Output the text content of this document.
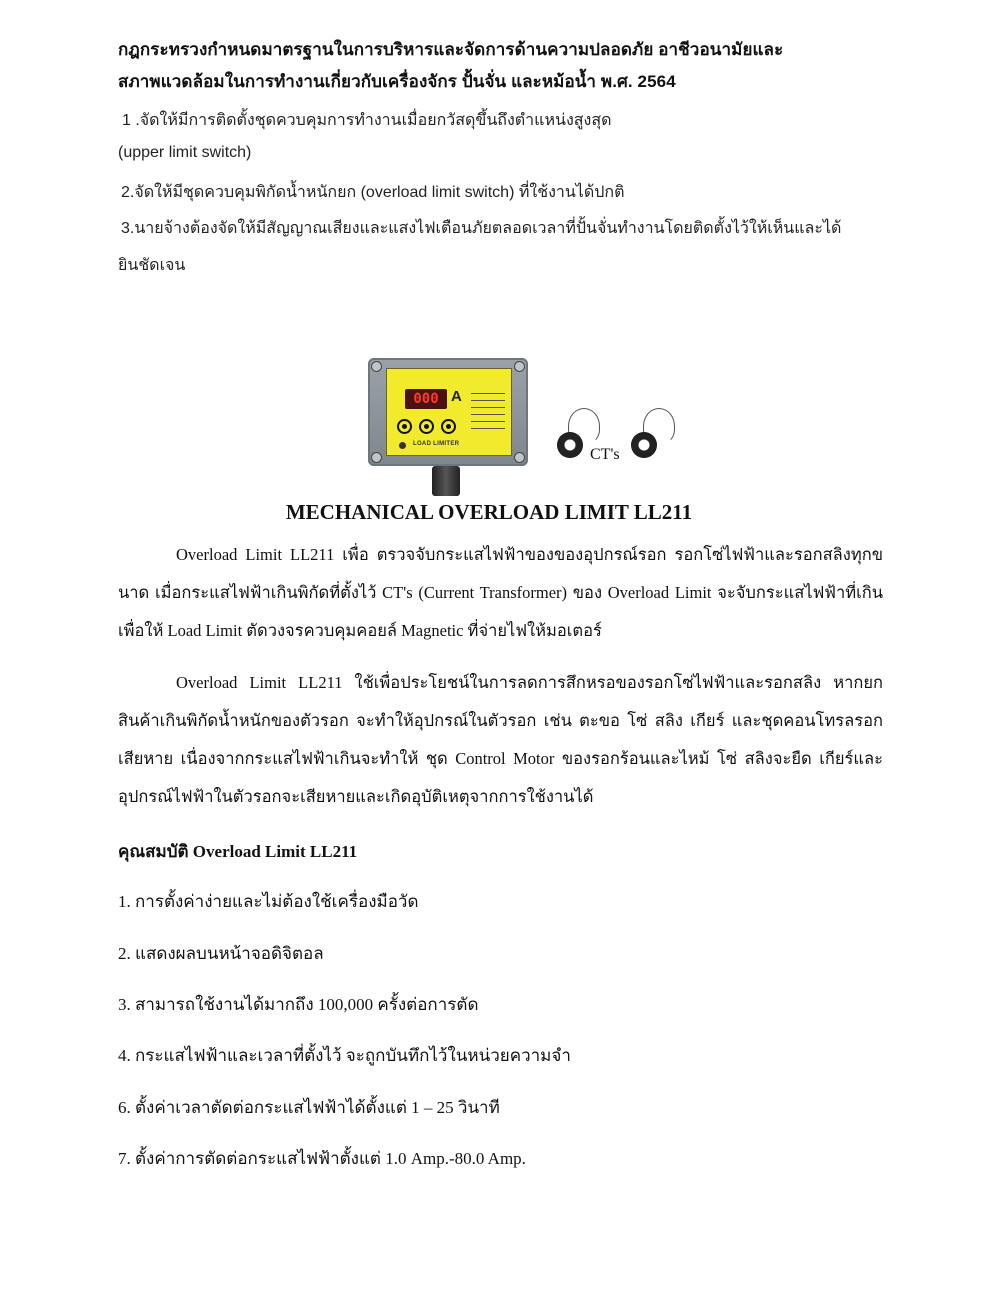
กฎกระทรวงกำหนดมาตรฐานในการบริหารและจัดการด้านความปลอดภัย อาชีวอนามัยและ
สภาพแวดล้อมในการทำงานเกี่ยวกับเครื่องจักร ปั้นจั่น และหม้อน้ำ พ.ศ. 2564
1 .จัดให้มีการติดตั้งชุดควบคุมการทำงานเมื่อยกวัสดุขึ้นถึงตำแหน่งสูงสุด
(upper limit switch)
2.จัดให้มีชุดควบคุมพิกัดน้ำหนักยก (overload limit switch) ที่ใช้งานได้ปกติ
3.นายจ้างต้องจัดให้มีสัญญาณเสียงและแสงไฟเตือนภัยตลอดเวลาที่ปั้นจั่นทำงานโดยติดตั้งไว้ให้เห็นและได้
ยินชัดเจน
000 A
LOAD LIMITER
CT's
MECHANICAL OVERLOAD LIMIT LL211
Overload Limit LL211 เพื่อ ตรวจจับกระแสไฟฟ้าของของอุปกรณ์รอก รอกโซ่ไฟฟ้าและรอกสลิงทุกขนาด เมื่อกระแสไฟฟ้าเกินพิกัดที่ตั้งไว้ CT's (Current Transformer) ของ Overload Limit จะจับกระแสไฟฟ้าที่เกินเพื่อให้ Load Limit ตัดวงจรควบคุมคอยล์ Magnetic ที่จ่ายไฟให้มอเตอร์
Overload Limit LL211 ใช้เพื่อประโยชน์ในการลดการสึกหรอของรอกโซ่ไฟฟ้าและรอกสลิง หากยกสินค้าเกินพิกัดน้ำหนักของตัวรอก จะทำให้อุปกรณ์ในตัวรอก เช่น ตะขอ โซ่ สลิง เกียร์ และชุดคอนโทรลรอกเสียหาย เนื่องจากกระแสไฟฟ้าเกินจะทำให้ ชุด Control Motor ของรอกร้อนและไหม้ โซ่ สลิงจะยืด เกียร์และอุปกรณ์ไฟฟ้าในตัวรอกจะเสียหายและเกิดอุบัติเหตุจากการใช้งานได้
คุณสมบัติ Overload Limit LL211
1. การตั้งค่าง่ายและไม่ต้องใช้เครื่องมือวัด
2. แสดงผลบนหน้าจอดิจิตอล
3. สามารถใช้งานได้มากถึง 100,000 ครั้งต่อการตัด
4. กระแสไฟฟ้าและเวลาที่ตั้งไว้ จะถูกบันทึกไว้ในหน่วยความจำ
6. ตั้งค่าเวลาตัดต่อกระแสไฟฟ้าได้ตั้งแต่ 1 – 25 วินาที
7. ตั้งค่าการตัดต่อกระแสไฟฟ้าตั้งแต่ 1.0 Amp.-80.0 Amp.
